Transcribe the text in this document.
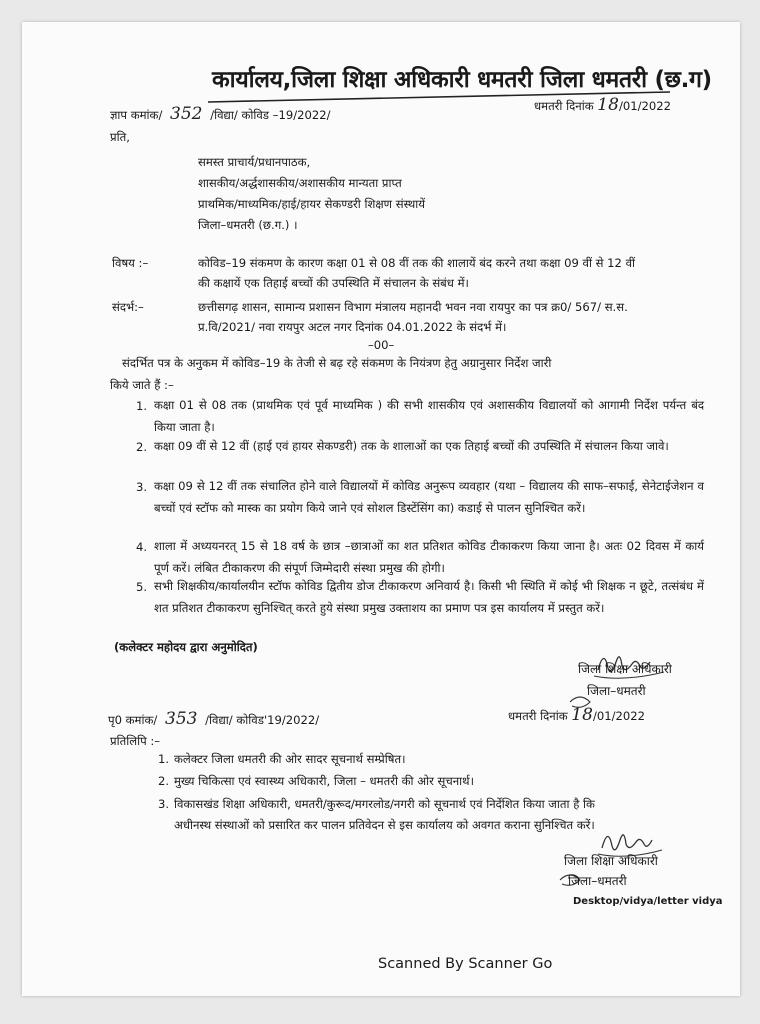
कार्यालय,जिला शिक्षा अधिकारी धमतरी जिला धमतरी (छ.ग)
ज्ञाप कमांक/ 352 /विद्या/ कोविड –19/2022/
धमतरी दिनांक 18/01/2022
प्रति,
समस्त प्राचार्य/प्रधानपाठक,
शासकीय/अर्द्धशासकीय/अशासकीय मान्यता प्राप्त
प्राथमिक/माध्यमिक/हाई/हायर सेकण्डरी शिक्षण संस्थायें
जिला–धमतरी (छ.ग.) ।
विषय :–	कोविड–19 संकमण के कारण कक्षा 01 से 08 वीं तक की शालायें बंद करने तथा कक्षा 09 वीं से 12 वीं
की कक्षायें एक तिहाई बच्चों की उपस्थिति में संचालन के संबंध में।
संदर्भ:–	छत्तीसगढ़ शासन, सामान्य प्रशासन विभाग मंत्रालय महानदी भवन नवा रायपुर का पत्र क्र0/ 567/ स.स.
प्र.वि/2021/ नवा रायपुर अटल नगर दिनांक 04.01.2022 के संदर्भ में।
–00–
संदर्भित पत्र के अनुकम में कोविड–19 के तेजी से बढ़ रहे संकमण के नियंत्रण हेतु अग्रानुसार निर्देश जारी
किये जाते हैं :–
1. कक्षा 01 से 08 तक (प्राथमिक एवं पूर्व माध्यमिक ) की सभी शासकीय एवं अशासकीय विद्यालयों को आगामी निर्देश पर्यन्त बंद किया जाता है।
2. कक्षा 09 वीं से 12 वीं (हाई एवं हायर सेकण्डरी) तक के शालाओं का एक तिहाई बच्चों की उपस्थिति में संचालन किया जावे।
3. कक्षा 09 से 12 वीं तक संचालित होने वाले विद्यालयों में कोविड अनुरूप व्यवहार (यथा – विद्यालय की साफ–सफाई, सेनेटाईजेशन व बच्चों एवं स्टॉफ को मास्क का प्रयोग किये जाने एवं सोशल डिस्टेंसिंग का) कडाई से पालन सुनिश्चित करें।
4. शाला में अध्ययनरत् 15 से 18 वर्ष के छात्र –छात्राओं का शत प्रतिशत कोविड टीकाकरण किया जाना है। अतः 02 दिवस में कार्य पूर्ण करें। लंबित टीकाकरण की संपूर्ण जिम्मेदारी संस्था प्रमुख की होगी।
5. सभी शिक्षकीय/कार्यालयीन स्टॉफ कोविड द्वितीय डोज टीकाकरण अनिवार्य है। किसी भी स्थिति में कोई भी शिक्षक न छूटे, तत्संबंध में शत प्रतिशत टीकाकरण सुनिश्चित् करते हुये संस्था प्रमुख उक्ताशय का प्रमाण पत्र इस कार्यालय में प्रस्तुत करें।
(कलेक्टर महोदय द्वारा अनुमोदित)
जिला शिक्षा अधिकारी
जिला–धमतरी
पृ0 कमांक/ 353 /विद्या/ कोविड'19/2022/	धमतरी दिनांक 18/01/2022
प्रतिलिपि :–
1. कलेक्टर जिला धमतरी की ओर सादर सूचनार्थ सम्प्रेषित।
2. मुख्य चिकित्सा एवं स्वास्थ्य अधिकारी, जिला – धमतरी की ओर सूचनार्थ।
3. विकासखंड शिक्षा अधिकारी, धमतरी/कुरूद/मगरलोड/नगरी को सूचनार्थ एवं निर्देशित किया जाता है कि
अधीनस्थ संस्थाओं को प्रसारित कर पालन प्रतिवेदन से इस कार्यालय को अवगत कराना सुनिश्चित करें।
जिला शिक्षा अधिकारी
जिला–धमतरी
Desktop/vidya/letter vidya
Scanned By Scanner Go
